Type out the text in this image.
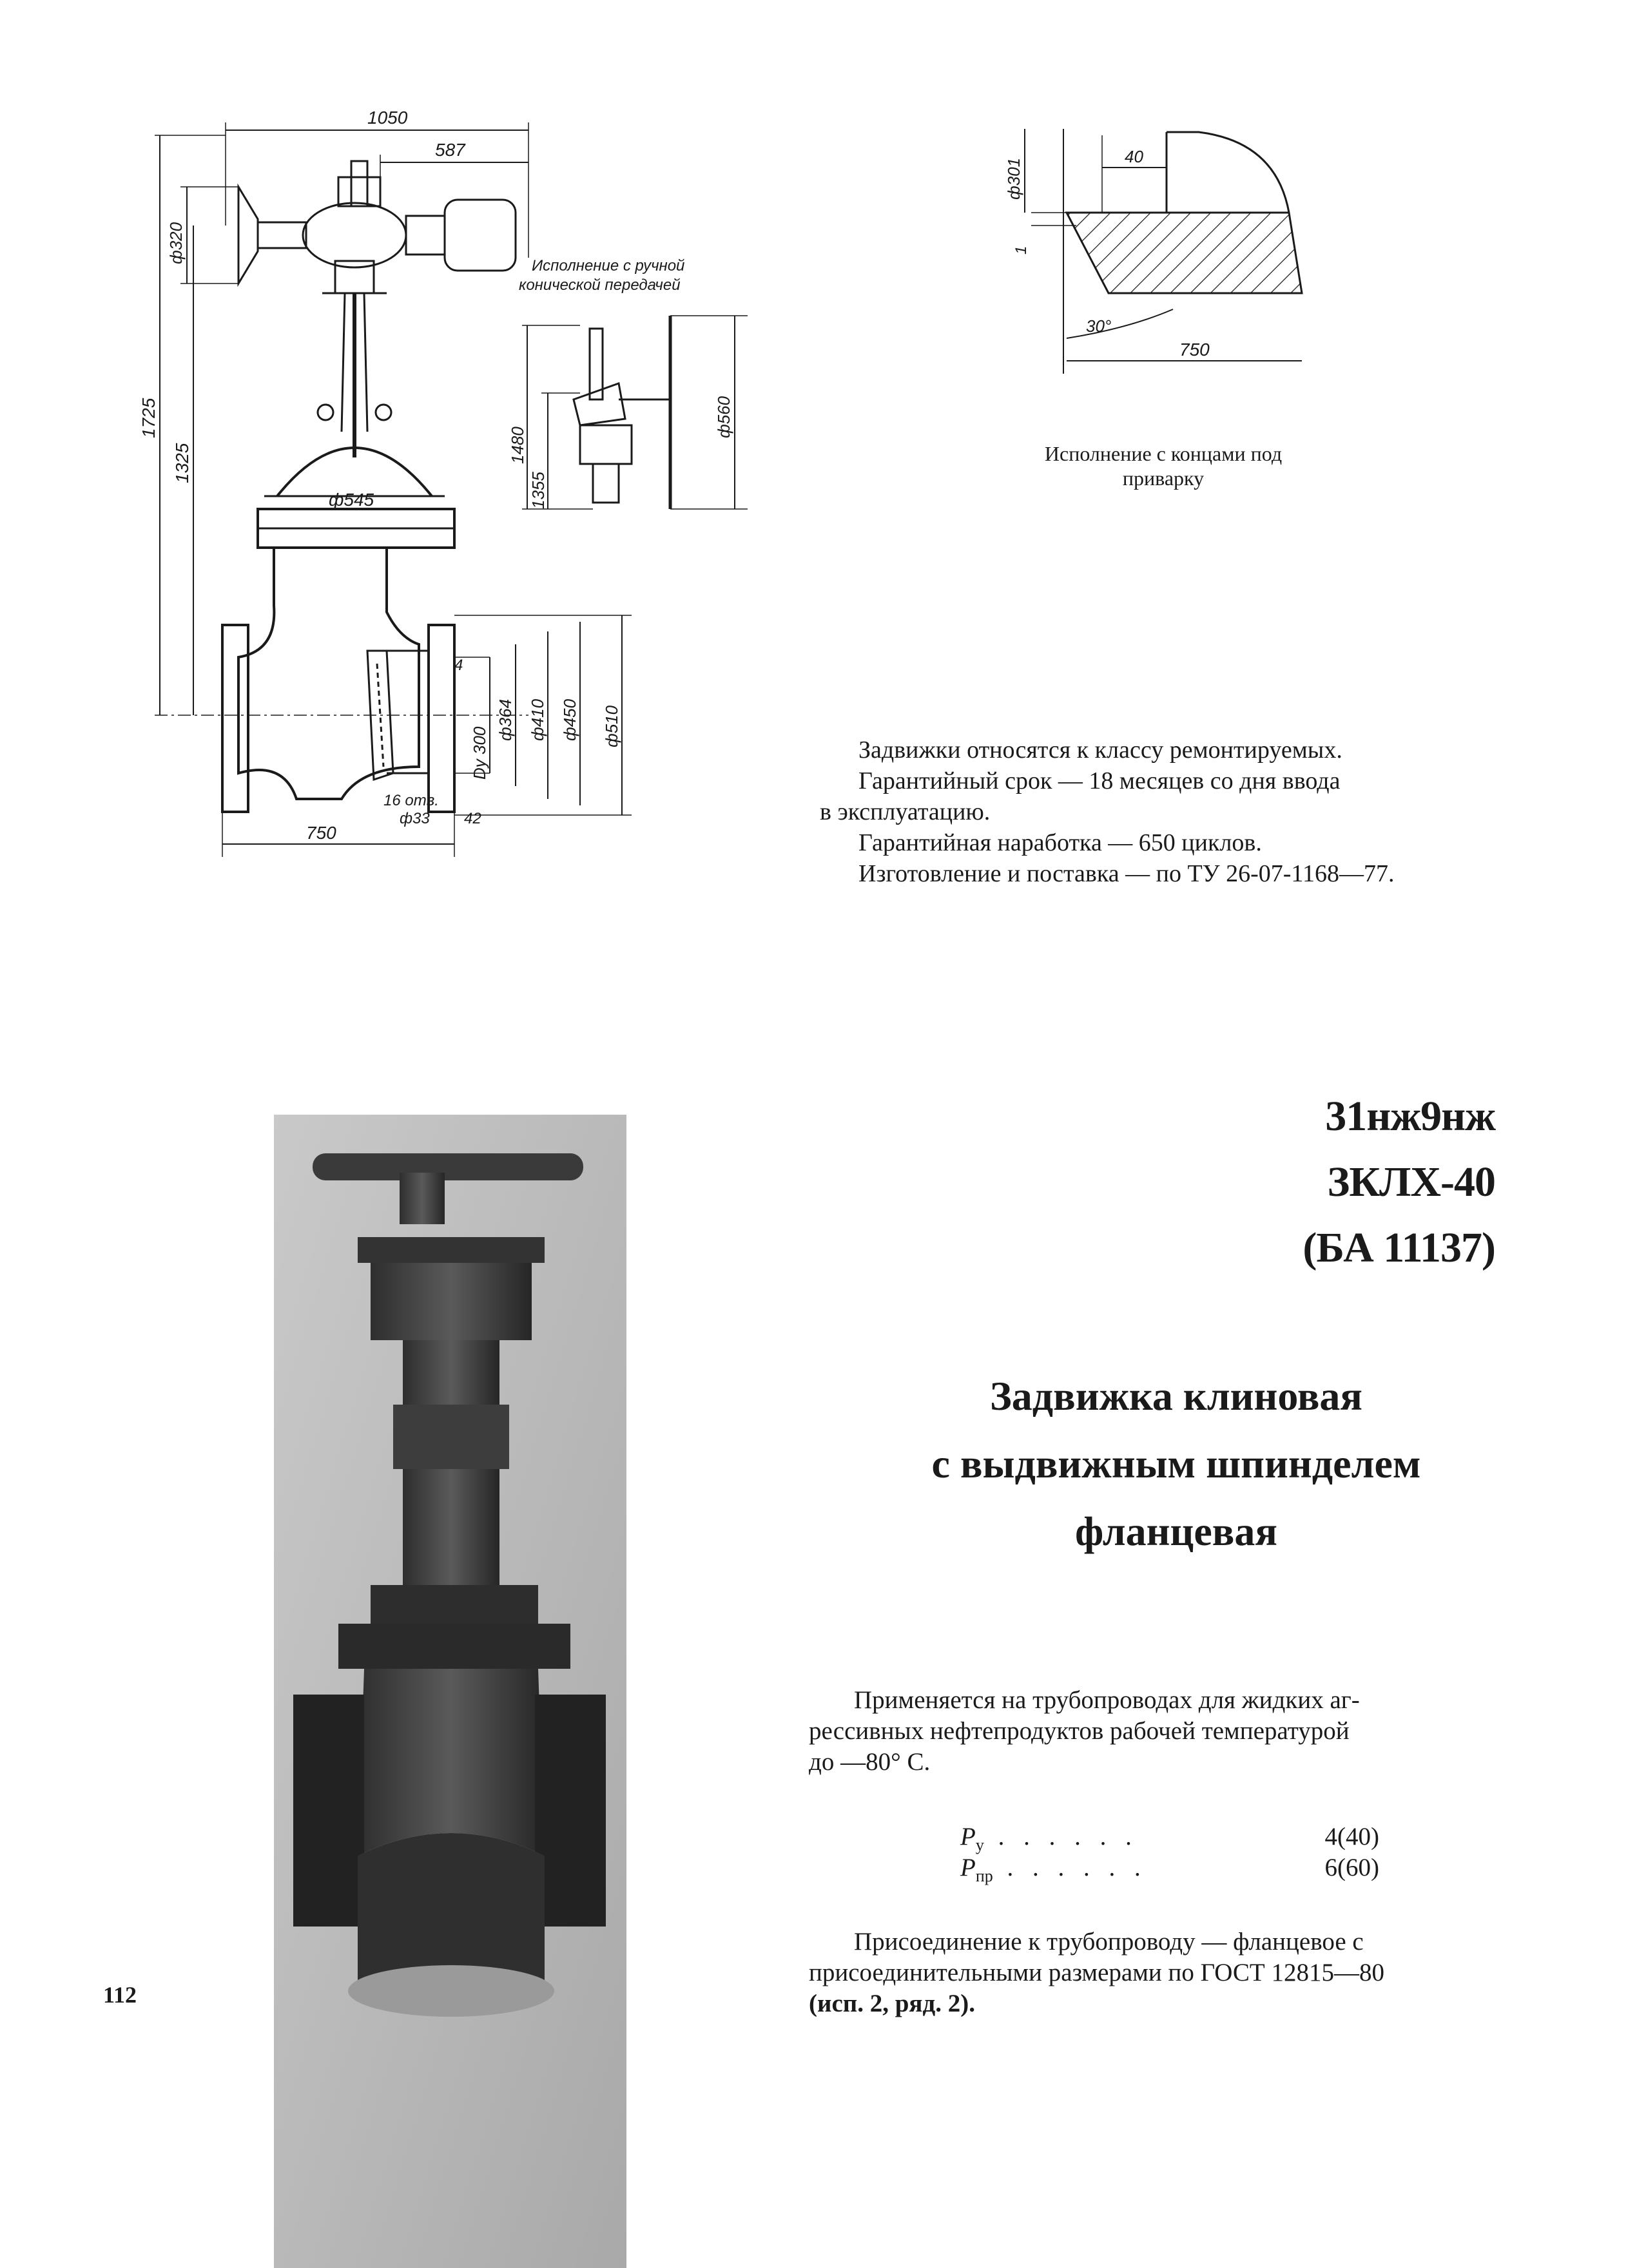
1050
587
ф320
1725
1325
Исполнение с ручной
конической передачей
1480
1355
ф560
ф545
4
Dy 300
ф364 ф410 ф450 ф510
16 отв.
ф33 42
750
ф301
40
1
30°
750
Исполнение с концами под
приварку

Задвижки относятся к классу ремонтируемых.

Гарантийный срок — 18 месяцев со дня ввода

в эксплуатацию.

Гарантийная наработка — 650 циклов.

Изготовление и поставка — по ТУ 26-07-1168—77.

31нж9нж
ЗКЛХ-40
(БА 11137)
Задвижка клиновая
с выдвижным шпинделем
фланцевая

Применяется на трубопроводах для жидких аг-

рессивных нефтепродуктов рабочей температурой

до —80° С.

$P_у$ . . . . . .	4(40)
$P_{пр}$ . . . . . .	6(60)

Присоединение к трубопроводу — фланцевое с

присоединительными размерами по ГОСТ 12815—80

(исп. 2, ряд. 2).

112
